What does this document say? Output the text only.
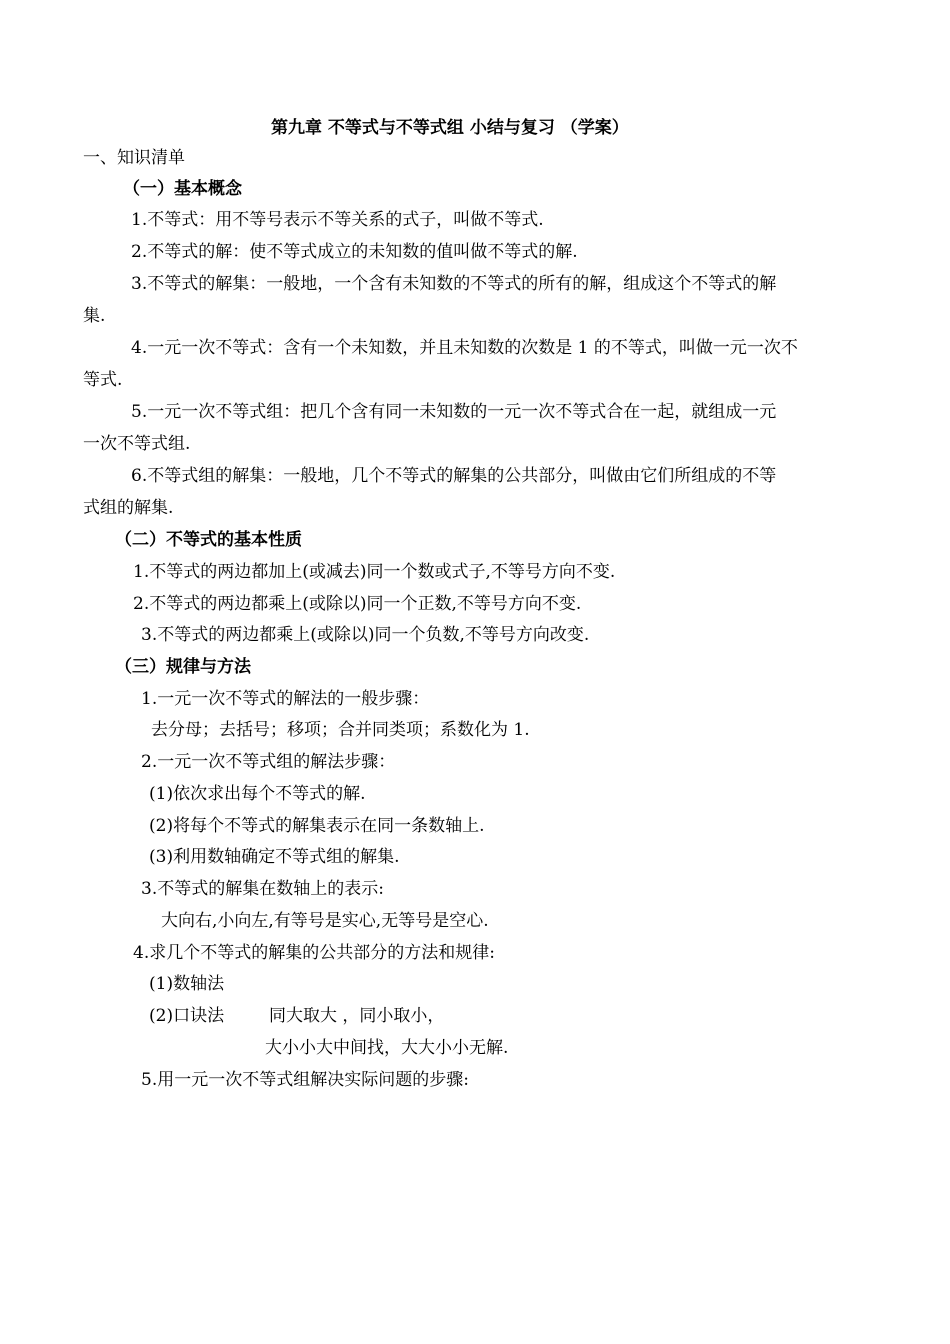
第九章 不等式与不等式组 小结与复习 （学案）
一、知识清单
（一）基本概念
1.不等式：用不等号表示不等关系的式子，叫做不等式.
2.不等式的解：使不等式成立的未知数的值叫做不等式的解.
3.不等式的解集：一般地，一个含有未知数的不等式的所有的解，组成这个不等式的解
集.
4.一元一次不等式：含有一个未知数，并且未知数的次数是 1 的不等式，叫做一元一次不
等式.
5.一元一次不等式组：把几个含有同一未知数的一元一次不等式合在一起，就组成一元
一次不等式组.
6.不等式组的解集：一般地，几个不等式的解集的公共部分，叫做由它们所组成的不等
式组的解集.
（二）不等式的基本性质
1.不等式的两边都加上(或减去)同一个数或式子,不等号方向不变.
2.不等式的两边都乘上(或除以)同一个正数,不等号方向不变.
3.不等式的两边都乘上(或除以)同一个负数,不等号方向改变.
（三）规律与方法
1.一元一次不等式的解法的一般步骤：
去分母；去括号；移项；合并同类项；系数化为 1.
2.一元一次不等式组的解法步骤：
(1)依次求出每个不等式的解.
(2)将每个不等式的解集表示在同一条数轴上.
(3)利用数轴确定不等式组的解集.
3.不等式的解集在数轴上的表示:
大向右,小向左,有等号是实心,无等号是空心.
4.求几个不等式的解集的公共部分的方法和规律:
(1)数轴法
(2)口诀法	同大取大 ，同小取小，
大小小大中间找，大大小小无解.
5.用一元一次不等式组解决实际问题的步骤:
